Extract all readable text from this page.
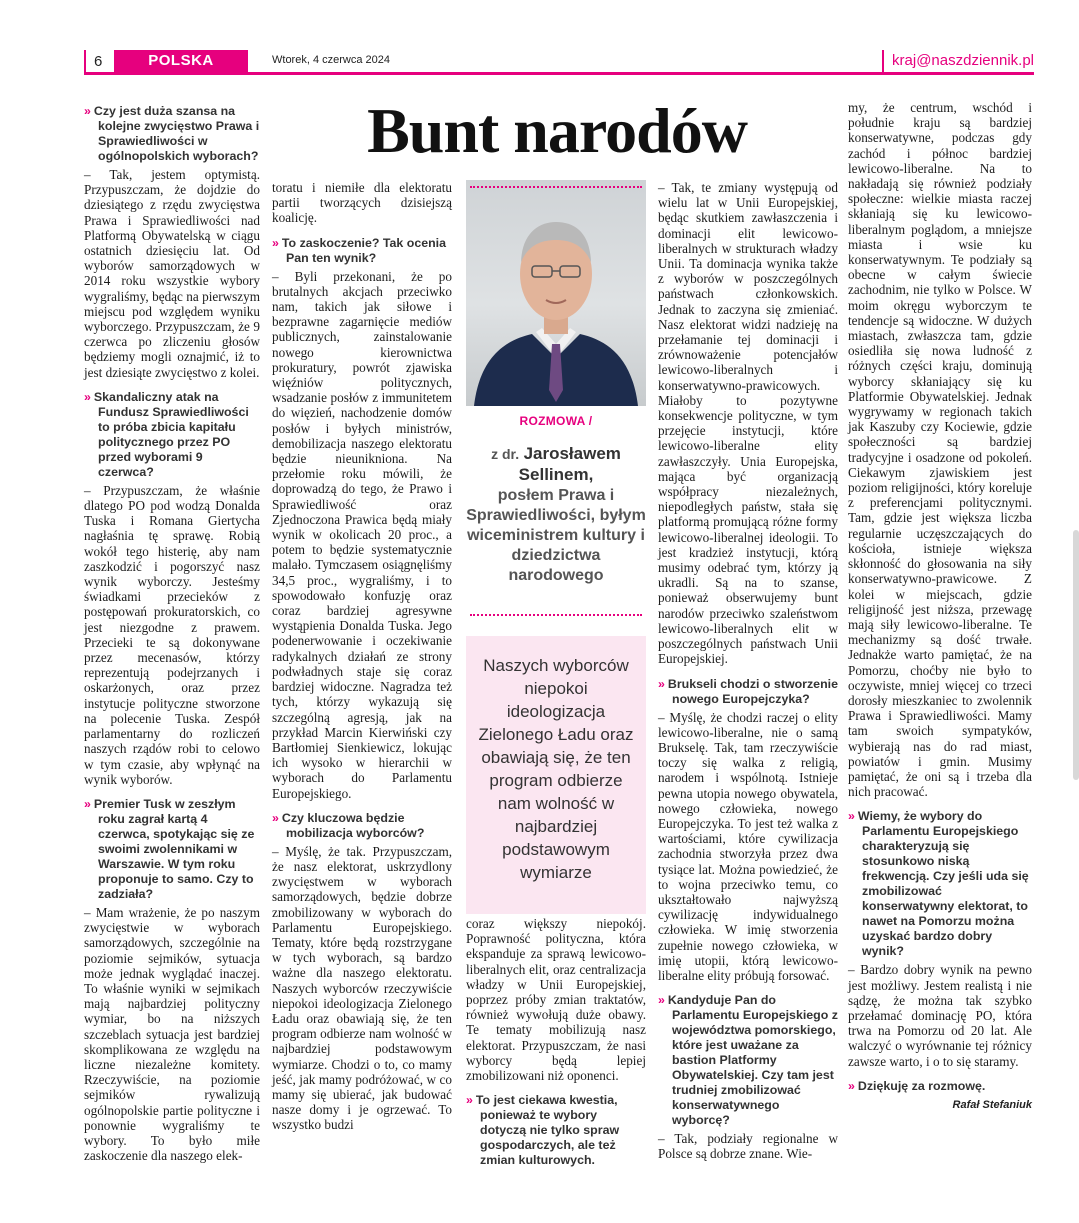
6	POLSKA	Wtorek, 4 czerwca 2024	kraj@naszdziennik.pl
Bunt narodów

» Czy jest duża szansa na kolejne zwycięstwo Prawa i Sprawiedliwości w ogólnopolskich wyborach?

– Tak, jestem optymistą. Przypuszczam, że dojdzie do dziesiątego z rzędu zwycięstwa Prawa i Sprawiedliwości nad Platformą Obywatelską w ciągu ostatnich dziesięciu lat. Od wyborów samorządowych w 2014 roku wszystkie wybory wygraliśmy, będąc na pierwszym miejscu pod względem wyniku wyborczego. Przypuszczam, że 9 czerwca po zliczeniu głosów będziemy mogli oznajmić, iż to jest dziesiąte zwycięstwo z kolei.

» Skandaliczny atak na Fundusz Sprawiedliwości to próba zbicia kapitału politycznego przez PO przed wyborami 9 czerwca?

– Przypuszczam, że właśnie dlatego PO pod wodzą Donalda Tuska i Romana Giertycha nagłaśnia tę sprawę. Robią wokół tego histerię, aby nam zaszkodzić i pogorszyć nasz wynik wyborczy. Jesteśmy świadkami przecieków z postępowań prokuratorskich, co jest niezgodne z prawem. Przecieki te są dokonywane przez mecenasów, którzy reprezentują podejrzanych i oskarżonych, oraz przez instytucje polityczne stworzone na polecenie Tuska. Zespół parlamentarny do rozliczeń naszych rządów robi to celowo w tym czasie, aby wpłynąć na wynik wyborów.

» Premier Tusk w zeszłym roku zagrał kartą 4 czerwca, spotykając się ze swoimi zwolennikami w Warszawie. W tym roku proponuje to samo. Czy to zadziała?

– Mam wrażenie, że po naszym zwycięstwie w wyborach samorządowych, szczególnie na poziomie sejmików, sytuacja może jednak wyglądać inaczej. To właśnie wyniki w sejmikach mają najbardziej polityczny wymiar, bo na niższych szczeblach sytuacja jest bardziej skomplikowana ze względu na liczne niezależne komitety. Rzeczywiście, na poziomie sejmików rywalizują ogólnopolskie partie polityczne i ponownie wygraliśmy te wybory. To było miłe zaskoczenie dla naszego elek-

toratu i niemiłe dla elektoratu partii tworzących dzisiejszą koalicję.

» To zaskoczenie? Tak ocenia Pan ten wynik?

– Byli przekonani, że po brutalnych akcjach przeciwko nam, takich jak siłowe i bezprawne zagarnięcie mediów publicznych, zainstalowanie nowego kierownictwa prokuratury, powrót zjawiska więźniów politycznych, wsadzanie posłów z immunitetem do więzień, nachodzenie domów posłów i byłych ministrów, demobilizacja naszego elektoratu będzie nieunikniona. Na przełomie roku mówili, że doprowadzą do tego, że Prawo i Sprawiedliwość oraz Zjednoczona Prawica będą miały wynik w okolicach 20 proc., a potem to będzie systematycznie malało. Tymczasem osiągnęliśmy 34,5 proc., wygraliśmy, i to spowodowało konfuzję oraz coraz bardziej agresywne wystąpienia Donalda Tuska. Jego podenerwowanie i oczekiwanie radykalnych działań ze strony podwładnych staje się coraz bardziej widoczne. Nagradza też tych, którzy wykazują się szczególną agresją, jak na przykład Marcin Kierwiński czy Bartłomiej Sienkiewicz, lokując ich wysoko w hierarchii w wyborach do Parlamentu Europejskiego.

» Czy kluczowa będzie mobilizacja wyborców?

– Myślę, że tak. Przypuszczam, że nasz elektorat, uskrzydlony zwycięstwem w wyborach samorządowych, będzie dobrze zmobilizowany w wyborach do Parlamentu Europejskiego. Tematy, które będą rozstrzygane w tych wyborach, są bardzo ważne dla naszego elektoratu. Naszych wyborców rzeczywiście niepokoi ideologizacja Zielonego Ładu oraz obawiają się, że ten program odbierze nam wolność w najbardziej podstawowym wymiarze. Chodzi o to, co mamy jeść, jak mamy podróżować, w co mamy się ubierać, jak budować nasze domy i je ogrzewać. To wszystko budzi

ROZMOWA /
z dr. Jarosławem Sellinem,
posłem Prawa i Sprawiedliwości, byłym wiceministrem kultury i dziedzictwa narodowego
Naszych wyborców niepokoi ideologizacja Zielonego Ładu oraz obawiają się, że ten program odbierze nam wolność w najbardziej podstawowym wymiarze

coraz większy niepokój. Poprawność polityczna, która ekspanduje za sprawą lewicowo-liberalnych elit, oraz centralizacja władzy w Unii Europejskiej, poprzez próby zmian traktatów, również wywołują duże obawy. Te tematy mobilizują nasz elektorat. Przypuszczam, że nasi wyborcy będą lepiej zmobilizowani niż oponenci.

» To jest ciekawa kwestia, ponieważ te wybory dotyczą nie tylko spraw gospodarczych, ale też zmian kulturowych.

– Tak, te zmiany występują od wielu lat w Unii Europejskiej, będąc skutkiem zawłaszczenia i dominacji elit lewicowo-liberalnych w strukturach władzy Unii. Ta dominacja wynika także z wyborów w poszczególnych państwach członkowskich. Jednak to zaczyna się zmieniać. Nasz elektorat widzi nadzieję na przełamanie tej dominacji i zrównoważenie potencjałów lewicowo-liberalnych i konserwatywno-prawicowych. Miałoby to pozytywne konsekwencje polityczne, w tym przejęcie instytucji, które lewicowo-liberalne elity zawłaszczyły. Unia Europejska, mająca być organizacją współpracy niezależnych, niepodległych państw, stała się platformą promującą różne formy lewicowo-liberalnej ideologii. To jest kradzież instytucji, którą musimy odebrać tym, którzy ją ukradli. Są na to szanse, ponieważ obserwujemy bunt narodów przeciwko szaleństwom lewicowo-liberalnych elit w poszczególnych państwach Unii Europejskiej.

» Brukseli chodzi o stworzenie nowego Europejczyka?

– Myślę, że chodzi raczej o elity lewicowo-liberalne, nie o samą Brukselę. Tak, tam rzeczywiście toczy się walka z religią, narodem i wspólnotą. Istnieje pewna utopia nowego obywatela, nowego człowieka, nowego Europejczyka. To jest też walka z wartościami, które cywilizacja zachodnia stworzyła przez dwa tysiące lat. Można powiedzieć, że to wojna przeciwko temu, co ukształtowało najwyższą cywilizację indywidualnego człowieka. W imię stworzenia zupełnie nowego człowieka, w imię utopii, którą lewicowo-liberalne elity próbują forsować.

» Kandyduje Pan do Parlamentu Europejskiego z województwa pomorskiego, które jest uważane za bastion Platformy Obywatelskiej. Czy tam jest trudniej zmobilizować konserwatywnego wyborcę?

– Tak, podziały regionalne w Polsce są dobrze znane. Wie-

my, że centrum, wschód i południe kraju są bardziej konserwatywne, podczas gdy zachód i północ bardziej lewicowo-liberalne. Na to nakładają się również podziały społeczne: wielkie miasta raczej skłaniają się ku lewicowo-liberalnym poglądom, a mniejsze miasta i wsie ku konserwatywnym. Te podziały są obecne w całym świecie zachodnim, nie tylko w Polsce. W moim okręgu wyborczym te tendencje są widoczne. W dużych miastach, zwłaszcza tam, gdzie osiedliła się nowa ludność z różnych części kraju, dominują wyborcy skłaniający się ku Platformie Obywatelskiej. Jednak wygrywamy w regionach takich jak Kaszuby czy Kociewie, gdzie społeczności są bardziej tradycyjne i osadzone od pokoleń. Ciekawym zjawiskiem jest poziom religijności, który koreluje z preferencjami politycznymi. Tam, gdzie jest większa liczba regularnie uczęszczających do kościoła, istnieje większa skłonność do głosowania na siły konserwatywno-prawicowe. Z kolei w miejscach, gdzie religijność jest niższa, przewagę mają siły lewicowo-liberalne. Te mechanizmy są dość trwałe. Jednakże warto pamiętać, że na Pomorzu, choćby nie było to oczywiste, mniej więcej co trzeci dorosły mieszkaniec to zwolennik Prawa i Sprawiedliwości. Mamy tam swoich sympatyków, wybierają nas do rad miast, powiatów i gmin. Musimy pamiętać, że oni są i trzeba dla nich pracować.

» Wiemy, że wybory do Parlamentu Europejskiego charakteryzują się stosunkowo niską frekwencją. Czy jeśli uda się zmobilizować konserwatywny elektorat, to nawet na Pomorzu można uzyskać bardzo dobry wynik?

– Bardzo dobry wynik na pewno jest możliwy. Jestem realistą i nie sądzę, że można tak szybko przełamać dominację PO, która trwa na Pomorzu od 20 lat. Ale walczyć o wyrównanie tej różnicy zawsze warto, i o to się staramy.

» Dziękuję za rozmowę.

Rafał Stefaniuk
